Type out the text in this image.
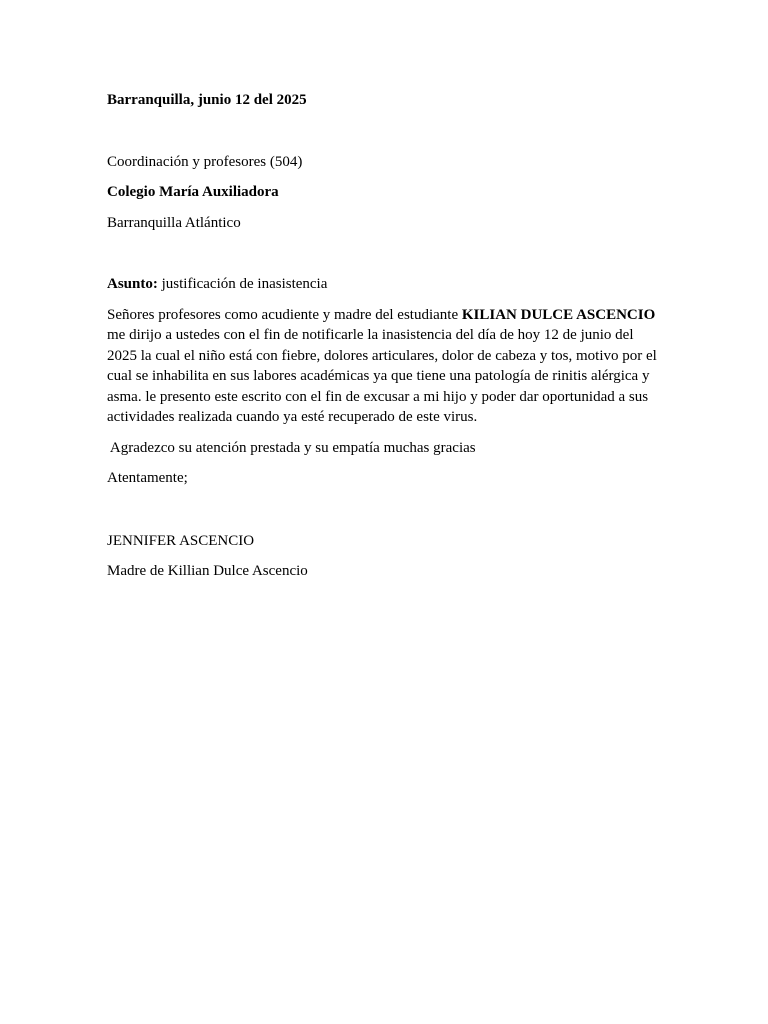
Barranquilla, junio 12 del 2025
Coordinación y profesores (504)
Colegio María Auxiliadora
Barranquilla Atlántico
Asunto: justificación de inasistencia
Señores profesores como acudiente y madre del estudiante KILIAN DULCE ASCENCIO me dirijo a ustedes con el fin de notificarle la inasistencia del día de hoy 12 de junio del 2025 la cual el niño está con fiebre, dolores articulares, dolor de cabeza y tos, motivo por el cual se inhabilita en sus labores académicas ya que tiene una patología de rinitis alérgica y asma. le presento este escrito con el fin de excusar a mi hijo y poder dar oportunidad a sus actividades realizada cuando ya esté recuperado de este virus.
Agradezco su atención prestada y su empatía muchas gracias
Atentamente;
JENNIFER ASCENCIO
Madre de Killian Dulce Ascencio
